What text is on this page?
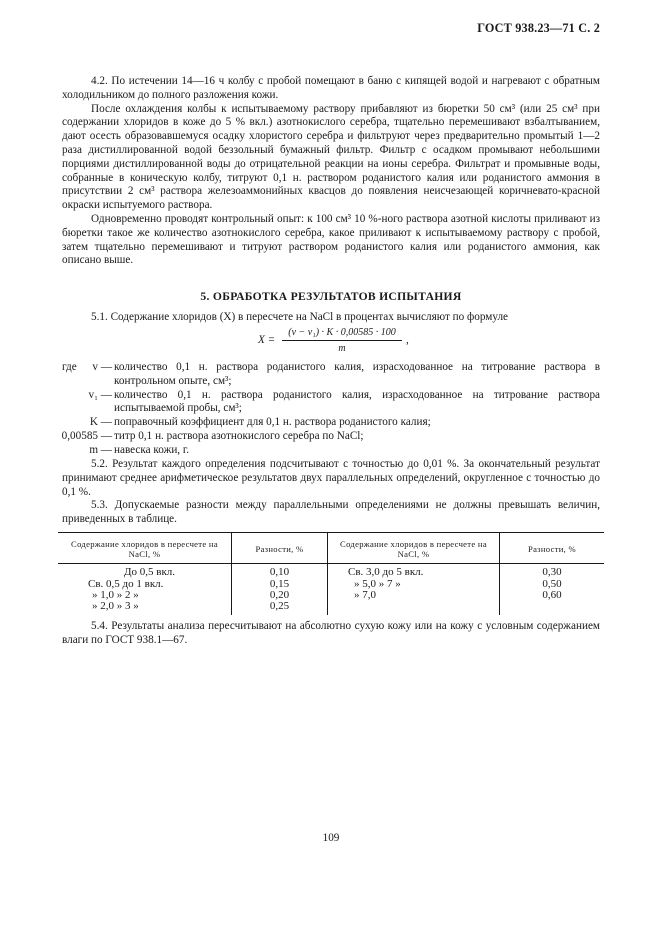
ГОСТ 938.23—71 С. 2

4.2. По истечении 14—16 ч колбу с пробой помещают в баню с кипящей водой и нагревают с обратным холодильником до полного разложения кожи.

После охлаждения колбы к испытываемому раствору прибавляют из бюретки 50 см³ (или 25 см³ при содержании хлоридов в коже до 5 % вкл.) азотнокислого серебра, тщательно перемешивают взбалтыванием, дают осесть образовавшемуся осадку хлористого серебра и фильтруют через предварительно промытый 1—2 раза дистиллированной водой беззольный бумажный фильтр. Фильтр с осадком промывают небольшими порциями дистиллированной воды до отрицательной реакции на ионы серебра. Фильтрат и промывные воды, собранные в коническую колбу, титруют 0,1 н. раствором роданистого калия или роданистого аммония в присутствии 2 см³ раствора железоаммонийных квасцов до появления неисчезающей коричневато-красной окраски испытуемого раствора.

Одновременно проводят контрольный опыт: к 100 см³ 10 %-ного раствора азотной кислоты приливают из бюретки такое же количество азотнокислого серебра, какое приливают к испытываемому раствору с пробой, затем тщательно перемешивают и титруют раствором роданистого калия или роданистого аммония, как описано выше.

5. ОБРАБОТКА РЕЗУЛЬТАТОВ ИСПЫТАНИЯ

5.1. Содержание хлоридов (X) в пересчете на NaCl в процентах вычисляют по формуле

X =
(v − v₁) · K · 0,00585 · 100
m
,
где v — количество 0,1 н. раствора роданистого калия, израсходованное на титрование раствора в контрольном опыте, см³;
v₁ — количество 0,1 н. раствора роданистого калия, израсходованное на титрование раствора испытываемой пробы, см³;
K — поправочный коэффициент для 0,1 н. раствора роданистого калия;
0,00585 — титр 0,1 н. раствора азотнокислого серебра по NaCl;
m — навеска кожи, г.

5.2. Результат каждого определения подсчитывают с точностью до 0,01 %. За окончательный результат принимают среднее арифметическое результатов двух параллельных определений, округленное с точностью до 0,1 %.

5.3. Допускаемые разности между параллельными определениями не должны превышать величин, приведенных в таблице.

Содержание хлоридов в пересчете на NaCl, %
Разности, %
Содержание хлоридов в пересчете на NaCl, %
Разности, %
До 0,5 вкл.	0,10	Св. 3,0 до 5 вкл.	0,30
Св. 0,5 до 1 вкл.	0,15	» 5,0 » 7 »	0,50
» 1,0 » 2 »	0,20	» 7,0	0,60
» 2,0 » 3 »	0,25

5.4. Результаты анализа пересчитывают на абсолютно сухую кожу или на кожу с условным содержанием влаги по ГОСТ 938.1—67.

109
